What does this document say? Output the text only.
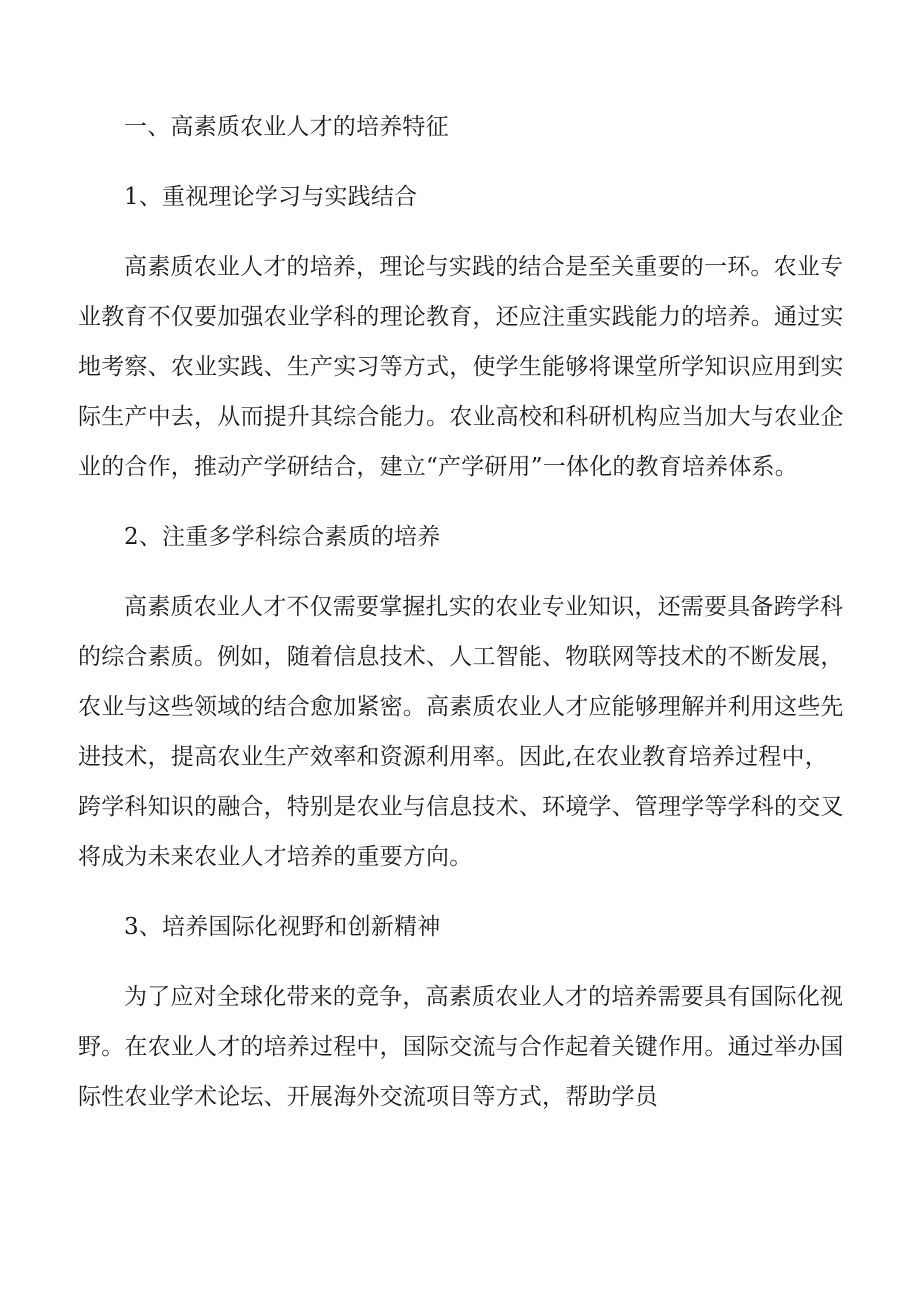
一、高素质农业人才的培养特征

1、重视理论学习与实践结合

高素质农业人才的培养，理论与实践的结合是至关重要的一环。农业专

业教育不仅要加强农业学科的理论教育，还应注重实践能力的培养。通过实

地考察、农业实践、生产实习等方式，使学生能够将课堂所学知识应用到实

际生产中去，从而提升其综合能力。农业高校和科研机构应当加大与农业企

业的合作，推动产学研结合，建立“产学研用”一体化的教育培养体系。

2、注重多学科综合素质的培养

高素质农业人才不仅需要掌握扎实的农业专业知识，还需要具备跨学科

的综合素质。例如，随着信息技术、人工智能、物联网等技术的不断发展，

农业与这些领域的结合愈加紧密。高素质农业人才应能够理解并利用这些先

进技术，提高农业生产效率和资源利用率。因此,在农业教育培养过程中，

跨学科知识的融合，特别是农业与信息技术、环境学、管理学等学科的交叉

将成为未来农业人才培养的重要方向。

3、培养国际化视野和创新精神

为了应对全球化带来的竞争，高素质农业人才的培养需要具有国际化视

野。在农业人才的培养过程中，国际交流与合作起着关键作用。通过举办国

际性农业学术论坛、开展海外交流项目等方式，帮助学员
